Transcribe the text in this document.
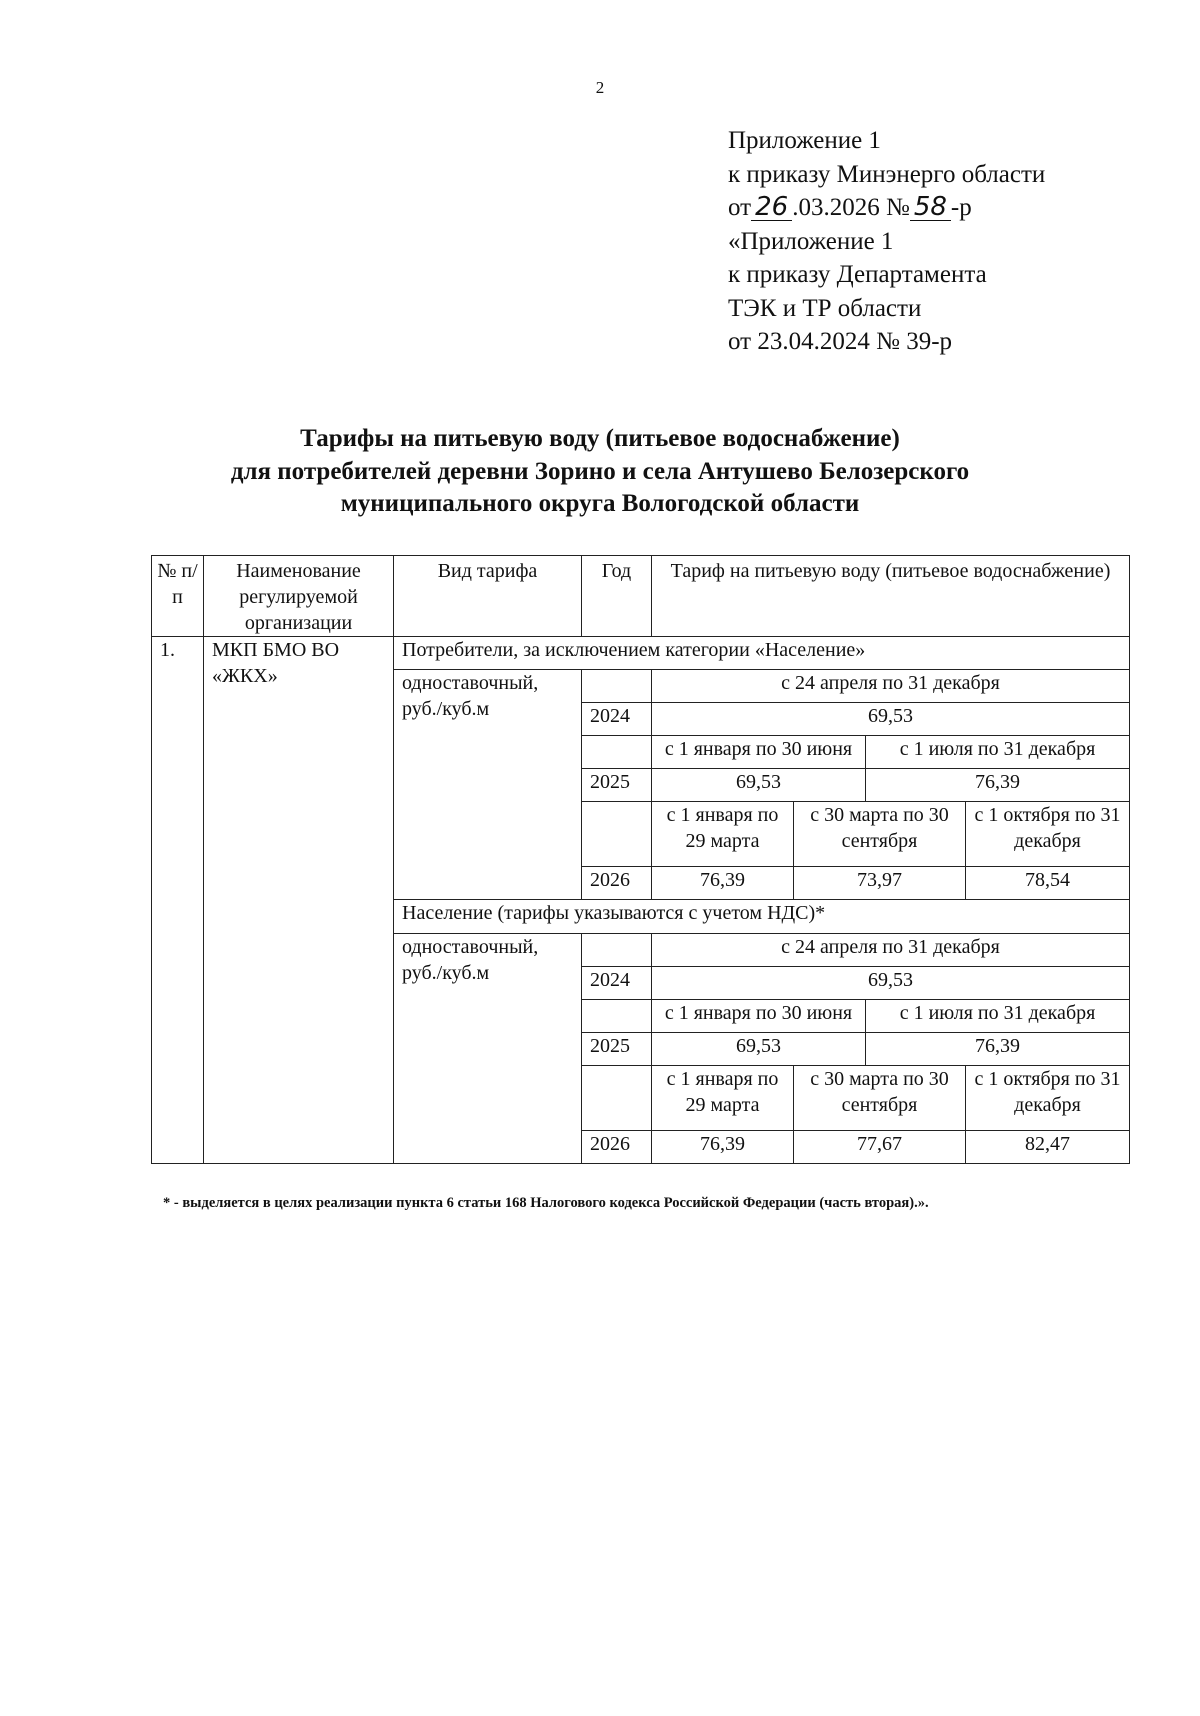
2
Приложение 1
к приказу Минэнерго области
от 26 .03.2026 № 58 -р
«Приложение 1
к приказу Департамента
ТЭК и ТР области
от 23.04.2024 № 39-р
Тарифы на питьевую воду (питьевое водоснабжение)
для потребителей деревни Зорино и села Антушево Белозерского
муниципального округа Вологодской области
№ п/п	Наименование регулируемой организации	Вид тарифа	Год	Тариф на питьевую воду (питьевое водоснабжение)			
1.	МКП БМО ВО «ЖКХ»	Потребители, за исключением категории «Население»					
		одноставочный, руб./куб.м		с 24 апреля по 31 декабря			
			2024	69,53			
				с 1 января по 30 июня		с 1 июля по 31 декабря	

			2025	69,53		76,39	
				с 1 января по 29 марта	с 30 марта по 30 сентября		с 1 октября по 31 декабря

			2026	76,39	73,97		78,54
		Население (тарифы указываются с учетом НДС)*					
		одноставочный, руб./куб.м		с 24 апреля по 31 декабря			
			2024	69,53			
				с 1 января по 30 июня		с 1 июля по 31 декабря	

			2025	69,53		76,39	
				с 1 января по 29 марта	с 30 марта по 30 сентября		с 1 октября по 31 декабря

			2026	76,39	77,67		82,47
* - выделяется в целях реализации пункта 6 статьи 168 Налогового кодекса Российской Федерации (часть вторая).».
